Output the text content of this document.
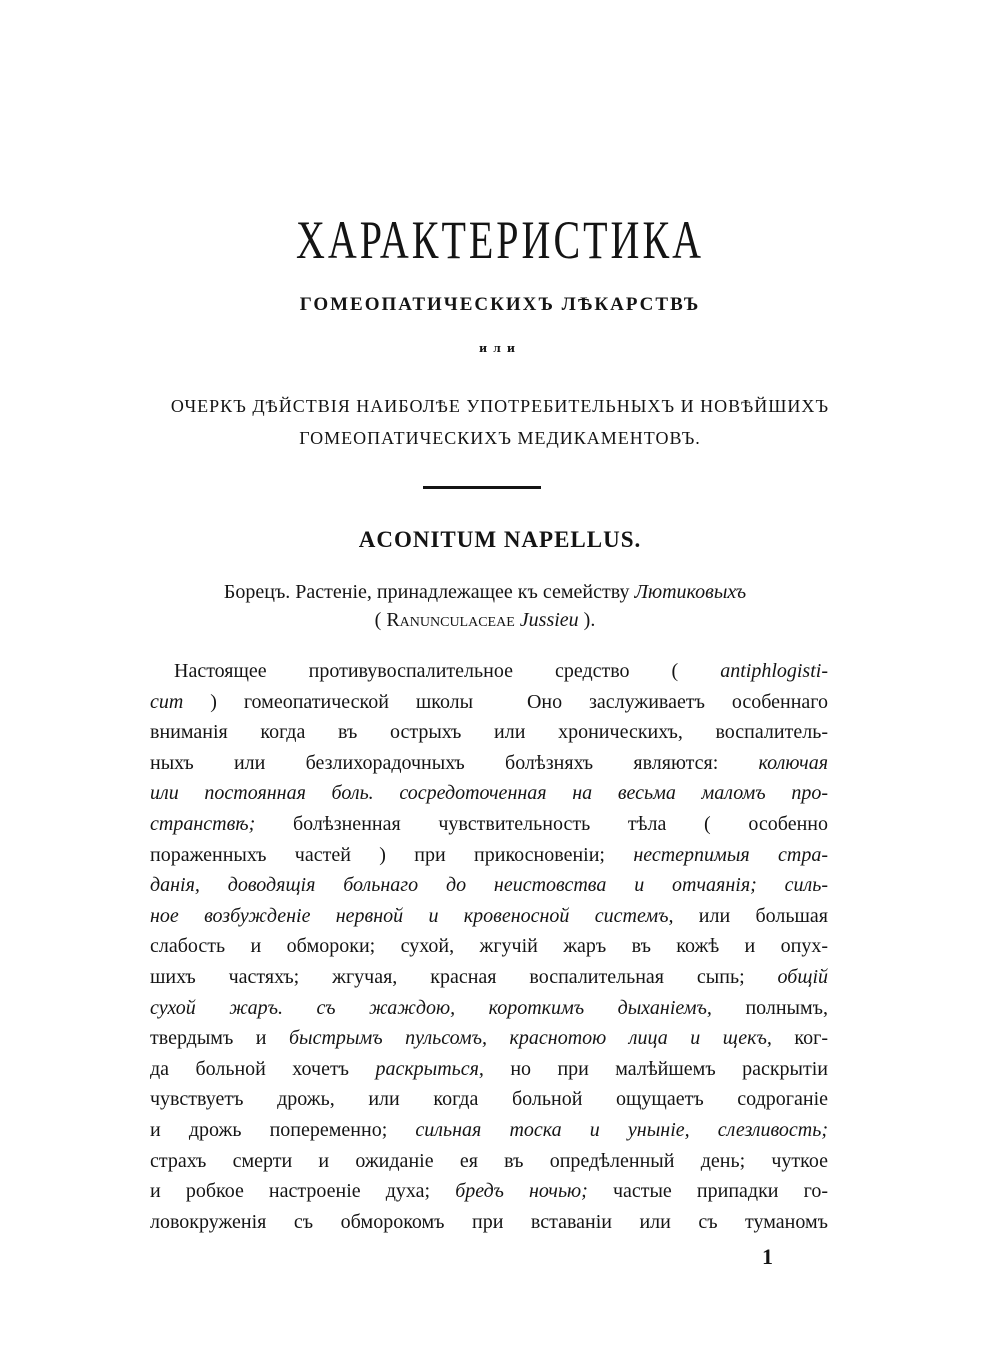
ХАРАКТЕРИСТИКА
ГОМЕОПАТИЧЕСКИХЪ ЛѢКАРСТВЪ
или
ОЧЕРКЪ ДѢЙСТВІЯ НАИБОЛѢЕ УПОТРЕБИТЕЛЬНЫХЪ И НОВѢЙШИХЪ
ГОМЕОПАТИЧЕСКИХЪ МЕДИКАМЕНТОВЪ.
ACONITUM NAPELLUS.
Борецъ. Растеніе, принадлежащее къ семейству Лютиковыхъ
( Ranunculaceae Jussieu ).
Настоящее противувоспалительное средство ( antiphlogisti-
cum ) гомеопатической школы  Оно заслуживаетъ особеннаго
вниманія когда въ острыхъ или хроническихъ, воспалитель-
ныхъ или безлихорадочныхъ болѣзняхъ являются: колючая
или постоянная боль. сосредоточенная на весьма маломъ про-
странствѣ; болѣзненная чувствительность тѣла ( особенно
пораженныхъ частей ) при прикосновеніи; нестерпимыя стра-
данія, доводящія больнаго до неистовства и отчаянія; силь-
ное возбужденіе нервной и кровеносной системъ, или большая
слабость и обмороки; сухой, жгучій жаръ въ кожѣ и опух-
шихъ частяхъ; жгучая, красная воспалительная сыпь; общій
сухой жаръ. съ жаждою, короткимъ дыханіемъ, полнымъ,
твердымъ и быстрымъ пульсомъ, краснотою лица и щекъ, ког-
да больной хочетъ раскрыться, но при малѣйшемъ раскрытіи
чувствуетъ дрожь, или когда больной ощущаетъ содроганіе
и дрожь попеременно; сильная тоска и уныніе, слезливость;
страхъ смерти и ожиданіе ея въ опредѣленный день; чуткое
и робкое настроеніе духа; бредъ ночью; частые припадки го-
ловокруженія съ обморокомъ при вставаніи или съ туманомъ
1
